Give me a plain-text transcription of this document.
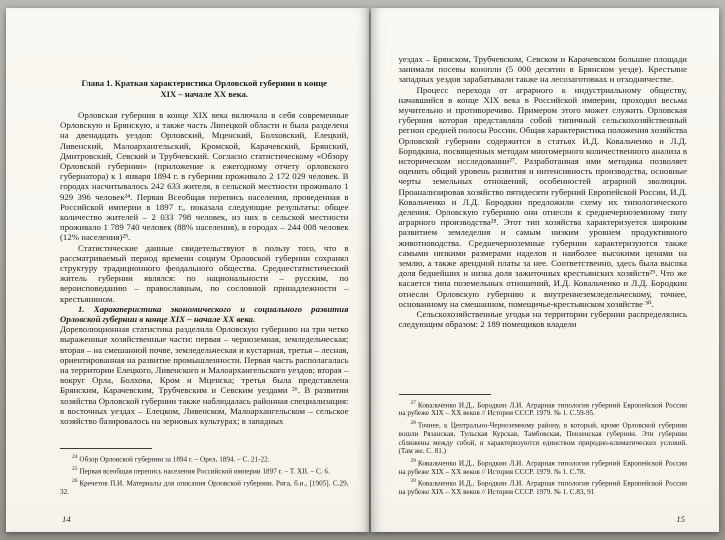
Глава 1. Краткая характеристика Орловской губернии в конце XIX – начале XX века.

Орловская губерния в конце XIX века включала в себя современные Орловскую и Брянскую, а также часть Липецкой области и была разделена на двенадцать уездов: Орловский, Мценский, Болховский, Елецкий, Ливенский, Малоархангельский, Кромской, Карачевский, Брянский, Дмитровский, Севский и Трубчевский. Согласно статистическому «Обзору Орловской губернии» (приложение к ежегодному отчету орловского губернатора) к 1 января 1894 г. в губернии проживало 2 172 029 человек. В городах насчитывалось 242 633 жителя, в сельской местности проживало 1 929 396 человек²⁴. Первая Всеобщая перепись населения, проведенная в Российской империи в 1897 г., показала следующие результаты: общее количество жителей – 2 033 798 человек, из них в сельской местности проживало 1 789 740 человек (88% населения), в городах – 244 008 человек (12% населения)²⁵.

Статистические данные свидетельствуют в пользу того, что в рассматриваемый период времени социум Орловской губернии сохранял структуру традиционного феодального общества. Среднестатистический житель губернии являлся: по национальности – русским, по вероисповеданию – православным, по сословной принадлежности – крестьянином.

1. Характеристика экономического и социального развития Орловской губернии в конце XIX – начале XX века.

Дореволюционная статистика разделила Орловскую губернию на три четко выраженные хозяйственные части: первая – черноземная, земледельческая; вторая – на смешанной почве, земледельческая и кустарная, третья – лесная, ориентированная на развитие промышленности. Первая часть располагалась на территории Елецкого, Ливенского и Малоархангельского уездов; вторая – вокруг Орла, Болхова, Кром и Мценска; третья была представлена Брянским, Карачевским, Трубчевским и Севским уездами ²⁶. В развитии хозяйства Орловской губернии также наблюдалась районная специализация: в восточных уездах – Елецком, Ливенском, Малоархангельском – сельское хозяйство базировалось на зерновых культурах; в западных

$^{24}$ Обзор Орловской губернии за 1894 г. – Орел, 1894. – С. 21-22.

$^{25}$ Первая всеобщая перепись населения Российской империи 1897 г. – Т. XII. – С. 6.

$^{26}$ Кречетов П.И. Материалы для описания Орловской губернии. Рига, б.и., [1905]. С.29, 32.

14

уездах – Брянском, Трубчевском, Севском и Карачевском большие площади занимали посевы конопли (5 000 десятин в Брянском уезде). Крестьяне западных уездов зарабатывали также на лесозаготовках и отходничестве.

Процесс перехода от аграрного к индустриальному обществу, начавшийся в конце XIX века в Российской империи, проходил весьма мучительно и противоречиво. Примером этого может служить Орловская губерния которая представляла собой типичный сельскохозяйственный регион средней полосы России. Общая характеристика положения хозяйства Орловской губернии содержится в статьях И.Д. Ковальченко и Л.Д. Бородкина, посвященных методам многомерного количественного анализа в историческом исследовании²⁷. Разработанная ими методика позволяет оценить общий уровень развития и интенсивность производства, основные черты земельных отношений, особенностей аграрной эволюции. Проанализировав хозяйство пятидесяти губерний Европейской России, И.Д. Ковальченко и Л.Д. Бородкин предложили схему их типологического деления. Орловскую губернию они отнесли к среднечерноземному типу аграрного производства²⁸. Этот тип хозяйства характеризуется широким развитием земледелия и самым низким уровнем продуктивного животноводства. Среднечерноземные губернии характеризуются также самыми низкими размерами наделов и наиболее высокими ценами на землю, а также арендной платы за нее. Соответственно, здесь была высока доля беднейших и низка доля зажиточных крестьянских хозяйств²⁹. Что же касается типа поземельных отношений, И.Д. Ковальченко и Л.Д. Бородкин отнесли Орловскую губернию к внутреннеземледельческому, точнее, основанному на смешанном, помещичье-крестьянском хозяйстве ³⁰.

Сельскохозяйственные угодья на территории губернии распределялись следующим образом: 2 189 помещиков владели

$^{27}$ Ковальченко И.Д., Бородкин Л.И. Аграрная типология губерний Европейской России на рубеже XIX – XX веков // История СССР. 1979. № 1. С.59-95.

$^{28}$ Точнее, к Центрально-Черноземному району, в который, кроме Орловской губернии вошли Рязанская, Тульская Курская, Тамбовская, Пензенская губернии. Эти губернии сближены между собой, и характеризуются единством природно-климатических условий. (Там же. С. 81.)

$^{29}$ Ковальченко И.Д., Бородкин Л.И. Аграрная типология губерний Европейской России на рубеже XIX – XX веков // История СССР. 1979. № 1. С.78.

$^{30}$ Ковальченко И.Д., Бородкин Л.И. Аграрная типология губерний Европейской России на рубеже XIX – XX веков // История СССР. 1979. № 1. С.83, 91

15
